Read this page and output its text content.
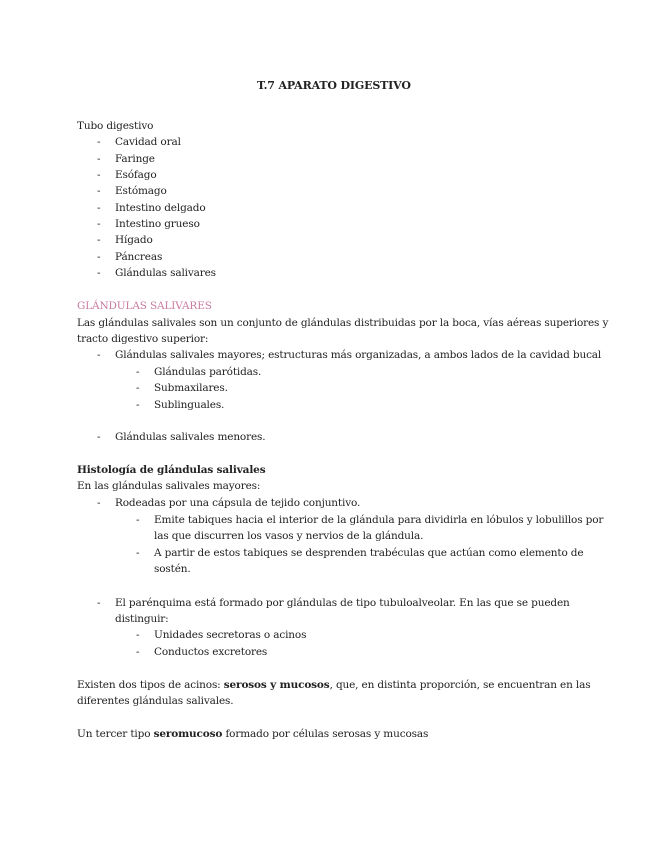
T.7 APARATO DIGESTIVO
Tubo digestivo
- Cavidad oral
- Faringe
- Esófago
- Estómago
- Intestino delgado
- Intestino grueso
- Hígado
- Páncreas
- Glándulas salivares
GLÁNDULAS SALIVARES
Las glándulas salivales son un conjunto de glándulas distribuidas por la boca, vías aéreas superiores y
tracto digestivo superior:
- Glándulas salivales mayores; estructuras más organizadas, a ambos lados de la cavidad bucal
- Glándulas parótidas.
- Submaxilares.
- Sublinguales.
- Glándulas salivales menores.
Histología de glándulas salivales
En las glándulas salivales mayores:
- Rodeadas por una cápsula de tejido conjuntivo.
- Emite tabiques hacia el interior de la glándula para dividirla en lóbulos y lobulillos por
las que discurren los vasos y nervios de la glándula.
- A partir de estos tabiques se desprenden trabéculas que actúan como elemento de
sostén.
- El parénquima está formado por glándulas de tipo tubuloalveolar. En las que se pueden
distinguir:
- Unidades secretoras o acinos
- Conductos excretores
Existen dos tipos de acinos: serosos y mucosos, que, en distinta proporción, se encuentran en las
diferentes glándulas salivales.
Un tercer tipo seromucoso formado por células serosas y mucosas
